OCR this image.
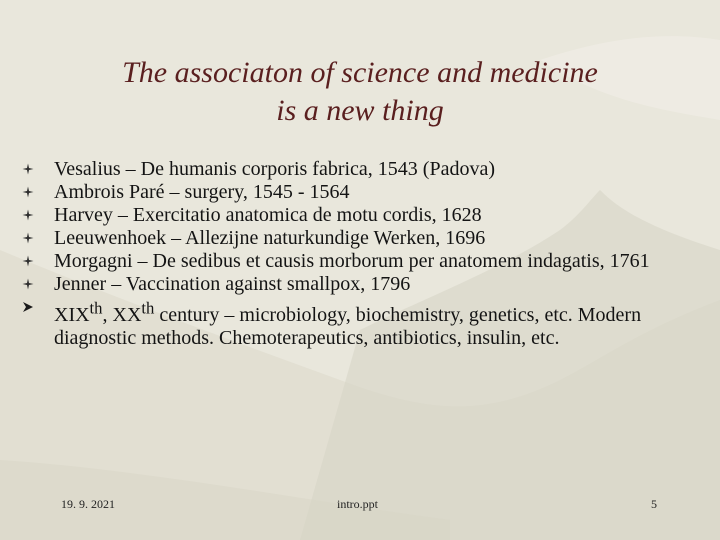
The associaton of science and medicine
is a new thing
Vesalius – De humanis corporis fabrica, 1543 (Padova)
Ambrois Paré – surgery, 1545 - 1564
Harvey – Exercitatio anatomica de motu cordis, 1628
Leeuwenhoek – Allezijne naturkundige Werken, 1696
Morgagni – De sedibus et causis morborum per anatomem indagatis, 1761
Jenner – Vaccination against smallpox, 1796
XIXth, XXth century – microbiology, biochemistry, genetics, etc. Modern diagnostic methods. Chemoterapeutics, antibiotics, insulin, etc.
19. 9. 2021	intro.ppt	5
